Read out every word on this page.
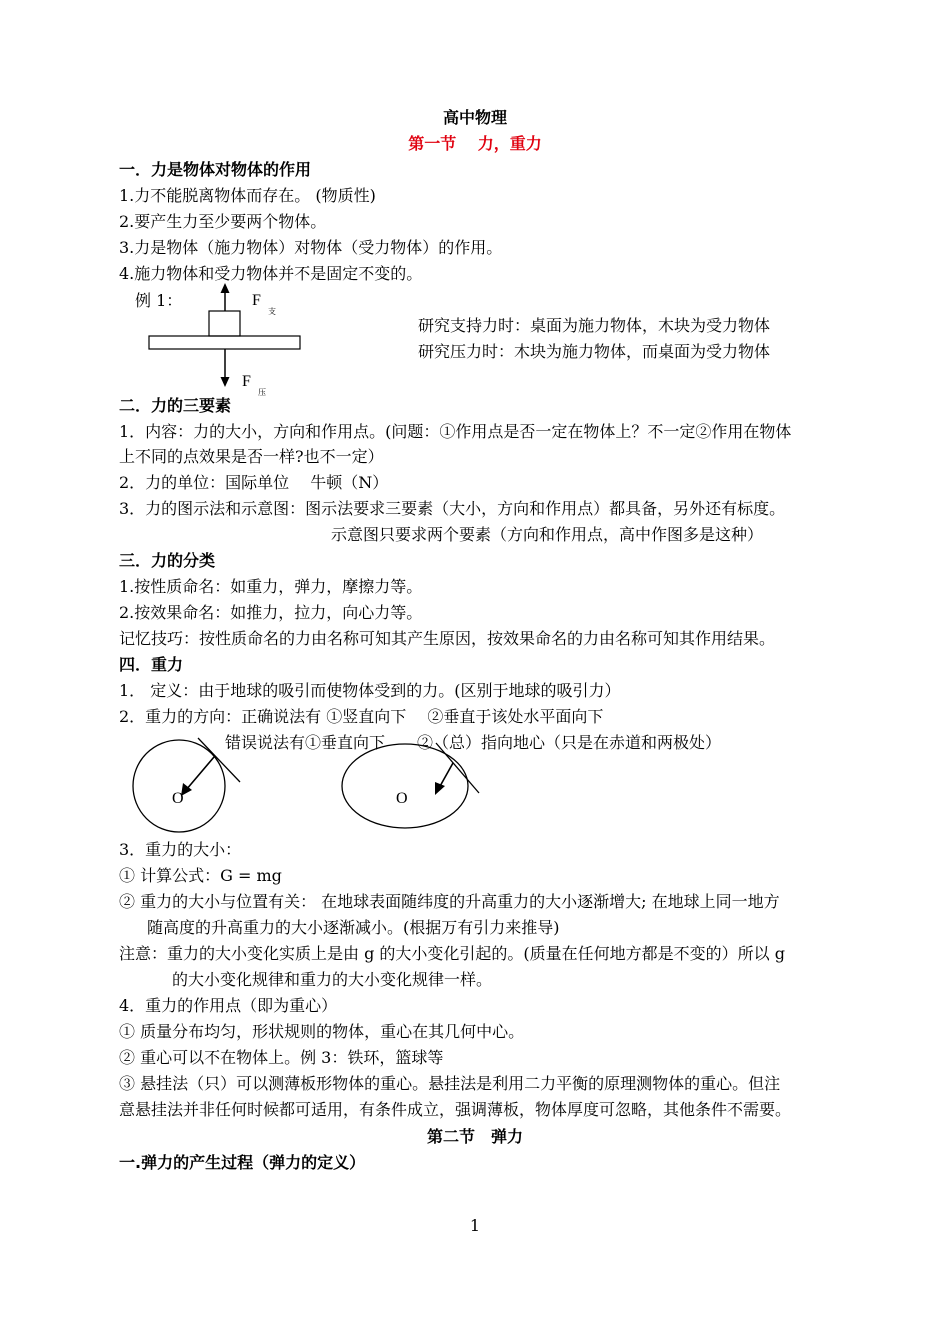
高中物理
第一节　 力，重力
一．力是物体对物体的作用
1.力不能脱离物体而存在。 (物质性)
2.要产生力至少要两个物体。
3.力是物体（施力物体）对物体（受力物体）的作用。
4.施力物体和受力物体并不是固定不变的。
例 1：	F
支
F
压
研究支持力时：桌面为施力物体，木块为受力物体
研究压力时：木块为施力物体，而桌面为受力物体
二．力的三要素
1．内容：力的大小，方向和作用点。(问题：①作用点是否一定在物体上？不一定②作用在物体
上不同的点效果是否一样?也不一定）
2．力的单位：国际单位　 牛顿（N）
3．力的图示法和示意图：图示法要求三要素（大小，方向和作用点）都具备，另外还有标度。
示意图只要求两个要素（方向和作用点，高中作图多是这种）
三．力的分类
1.按性质命名：如重力，弹力，摩擦力等。
2.按效果命名：如推力，拉力，向心力等。
记忆技巧：按性质命名的力由名称可知其产生原因，按效果命名的力由名称可知其作用结果。
四．重力
1． 定义：由于地球的吸引而使物体受到的力。(区别于地球的吸引力）
2．重力的方向：正确说法有 ①竖直向下　 ②垂直于该处水平面向下
错误说法有①垂直向下　　②（总）指向地心（只是在赤道和两极处）
O	O
3．重力的大小：
① 计算公式：G = mg
② 重力的大小与位置有关： 在地球表面随纬度的升高重力的大小逐渐增大; 在地球上同一地方
随高度的升高重力的大小逐渐减小。(根据万有引力来推导)
注意：重力的大小变化实质上是由 g 的大小变化引起的。(质量在任何地方都是不变的）所以 g
的大小变化规律和重力的大小变化规律一样。
4．重力的作用点（即为重心）
① 质量分布均匀，形状规则的物体，重心在其几何中心。
② 重心可以不在物体上。例 3：铁环，篮球等
③ 悬挂法（只）可以测薄板形物体的重心。悬挂法是利用二力平衡的原理测物体的重心。但注
意悬挂法并非任何时候都可适用，有条件成立，强调薄板，物体厚度可忽略，其他条件不需要。
第二节　弹力
一.弹力的产生过程（弹力的定义）
1
